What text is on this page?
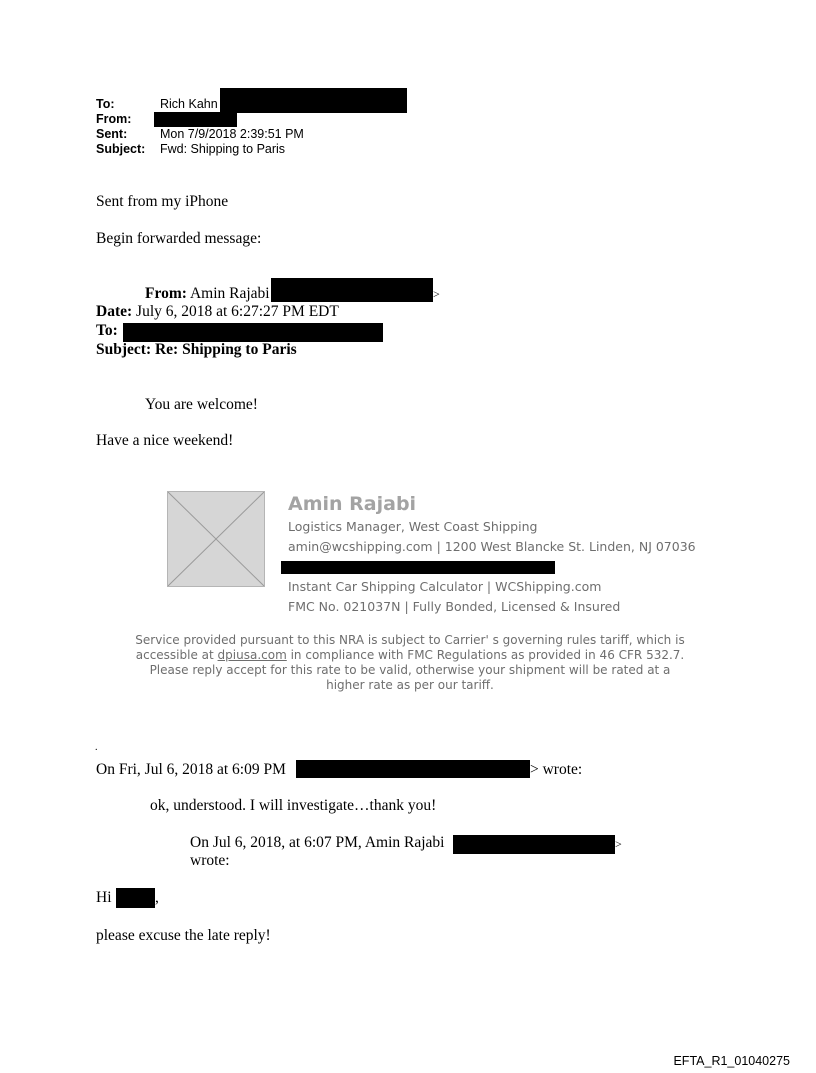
To:	Rich Kahn
From:
Sent:	Mon 7/9/2018 2:39:51 PM
Subject: Fwd: Shipping to Paris
Sent from my iPhone
Begin forwarded message:
From: Amin Rajabi	>
Date: July 6, 2018 at 6:27:27 PM EDT
To:
Subject: Re: Shipping to Paris
You are welcome!
Have a nice weekend!
Amin Rajabi
Logistics Manager, West Coast Shipping
amin@wcshipping.com | 1200 West Blancke St. Linden, NJ 07036
Instant Car Shipping Calculator | WCShipping.com
FMC No. 021037N | Fully Bonded, Licensed & Insured
Service provided pursuant to this NRA is subject to Carrier' s governing rules tariff, which is accessible at dpiusa.com in compliance with FMC Regulations as provided in 46 CFR 532.7. Please reply accept for this rate to be valid, otherwise your shipment will be rated at a higher rate as per our tariff.
.
On Fri, Jul 6, 2018 at 6:09 PM	> wrote:
ok, understood. I will investigate…thank you!
On Jul 6, 2018, at 6:07 PM, Amin Rajabi	>
wrote:
Hi	,
please excuse the late reply!
EFTA_R1_01040275
